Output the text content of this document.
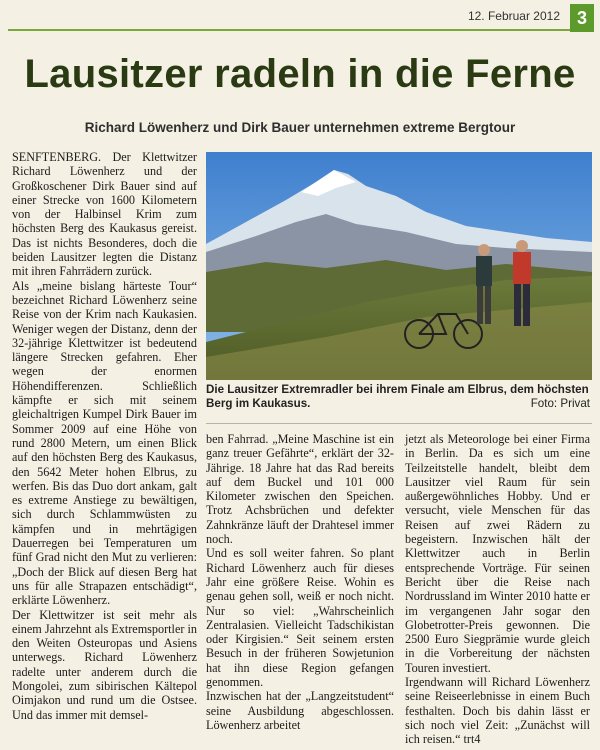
12. Februar 2012 3
Lausitzer radeln in die Ferne
Richard Löwenherz und Dirk Bauer unternehmen extreme Bergtour

SENFTENBERG. Der Klettwitzer Richard Löwenherz und der Großkoschener Dirk Bauer sind auf einer Strecke von 1600 Kilometern von der Halbinsel Krim zum höchsten Berg des Kaukasus gereist. Das ist nichts Besonderes, doch die beiden Lausitzer legten die Distanz mit ihren Fahrrädern zurück.

Als „meine bislang härteste Tour“ bezeichnet Richard Löwenherz seine Reise von der Krim nach Kaukasien. Weniger wegen der Distanz, denn der 32-jährige Klettwitzer ist bedeutend längere Strecken gefahren. Eher wegen der enormen Höhendifferenzen. Schließlich kämpfte er sich mit seinem gleichaltrigen Kumpel Dirk Bauer im Sommer 2009 auf eine Höhe von rund 2800 Metern, um einen Blick auf den höchsten Berg des Kaukasus, den 5642 Meter hohen Elbrus, zu werfen. Bis das Duo dort ankam, galt es extreme Anstiege zu bewältigen, sich durch Schlammwüsten zu kämpfen und in mehrtägigen Dauerregen bei Temperaturen um fünf Grad nicht den Mut zu verlieren: „Doch der Blick auf diesen Berg hat uns für alle Strapazen entschädigt“, erklärte Löwenherz.

Der Klettwitzer ist seit mehr als einem Jahrzehnt als Extremsportler in den Weiten Osteuropas und Asiens unterwegs. Richard Löwenherz radelte unter anderem durch die Mongolei, zum sibirischen Kältepol Oimjakon und rund um die Ostsee. Und das immer mit demsel-

Die Lausitzer Extremradler bei ihrem Finale am Elbrus, dem höchsten Berg im Kaukasus.	Foto: Privat

ben Fahrrad. „Meine Maschine ist ein ganz treuer Gefährte“, erklärt der 32-Jährige. 18 Jahre hat das Rad bereits auf dem Buckel und 101 000 Kilometer zwischen den Speichen. Trotz Achsbrüchen und defekter Zahnkränze läuft der Drahtesel immer noch.

Und es soll weiter fahren. So plant Richard Löwenherz auch für dieses Jahr eine größere Reise. Wohin es genau gehen soll, weiß er noch nicht. Nur so viel: „Wahrscheinlich Zentralasien. Vielleicht Tadschikistan oder Kirgisien.“ Seit seinem ersten Besuch in der früheren Sowjetunion hat ihn diese Region gefangen genommen.

Inzwischen hat der „Langzeitstudent“ seine Ausbildung abgeschlossen. Löwenherz arbeitet

jetzt als Meteorologe bei einer Firma in Berlin. Da es sich um eine Teilzeitstelle handelt, bleibt dem Lausitzer viel Raum für sein außergewöhnliches Hobby. Und er versucht, viele Menschen für das Reisen auf zwei Rädern zu begeistern. Inzwischen hält der Klettwitzer auch in Berlin entsprechende Vorträge. Für seinen Bericht über die Reise nach Nordrussland im Winter 2010 hatte er im vergangenen Jahr sogar den Globetrotter-Preis gewonnen. Die 2500 Euro Siegprämie wurde gleich in die Vorbereitung der nächsten Touren investiert.

Irgendwann will Richard Löwenherz seine Reiseerlebnisse in einem Buch festhalten. Doch bis dahin lässt er sich noch viel Zeit: „Zunächst will ich reisen.“ trt4
